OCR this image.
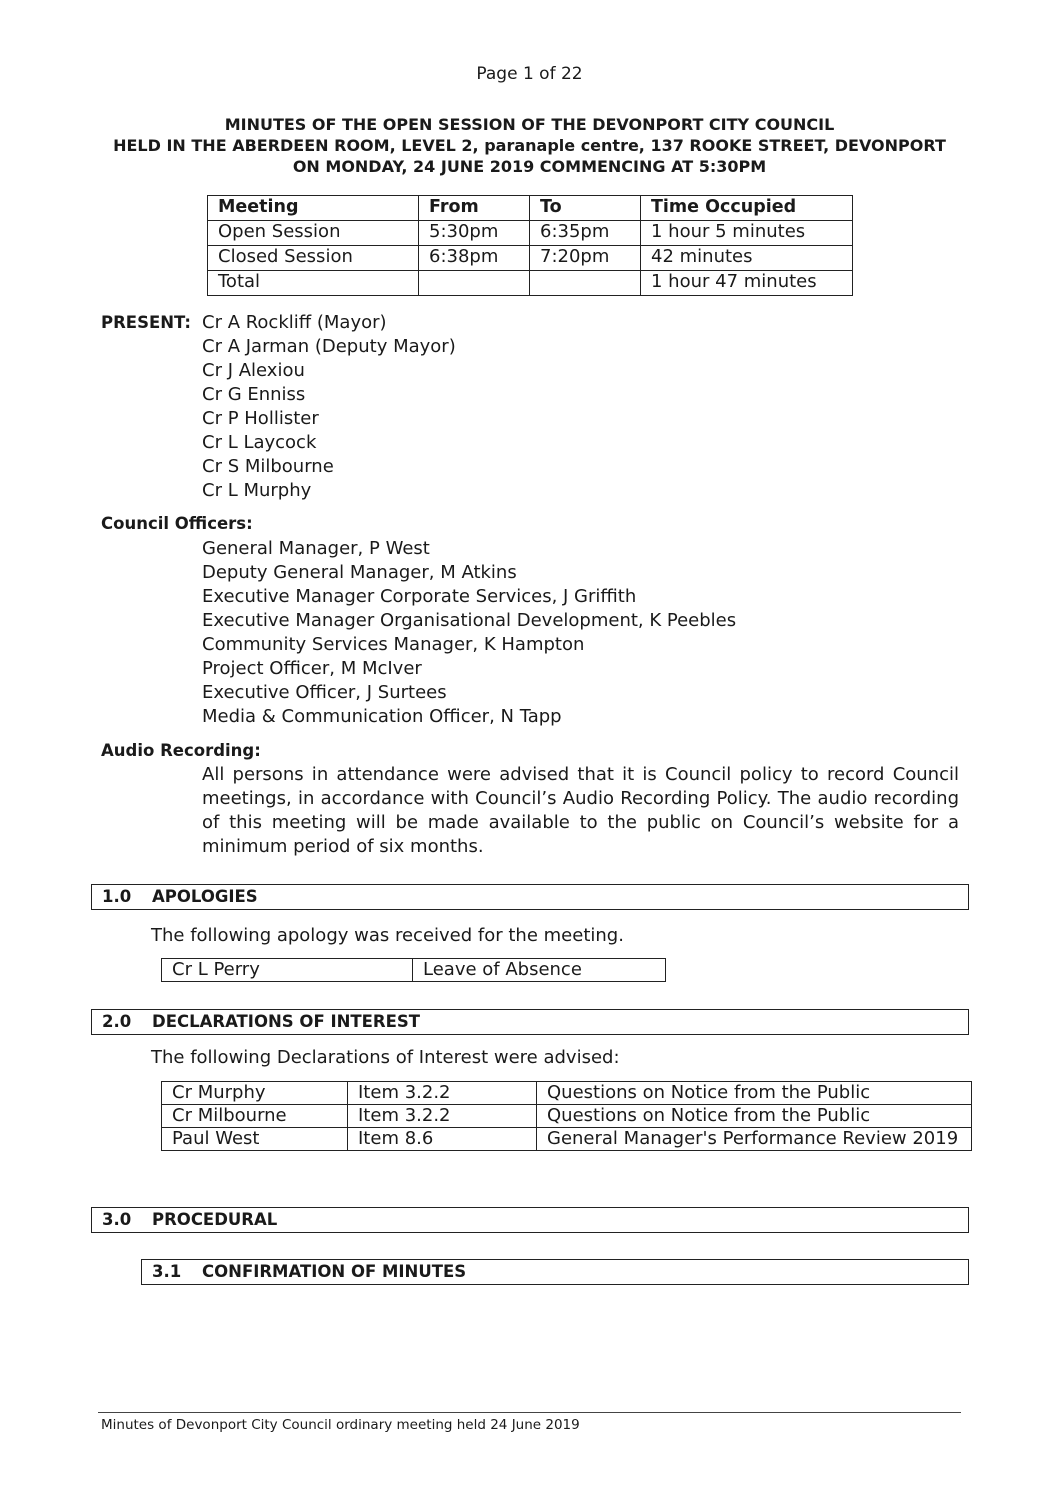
Page 1 of 22
MINUTES OF THE OPEN SESSION OF THE DEVONPORT CITY COUNCIL
HELD IN THE ABERDEEN ROOM, LEVEL 2, paranaple centre, 137 ROOKE STREET, DEVONPORT
ON MONDAY, 24 JUNE 2019 COMMENCING AT 5:30PM
Meeting	From	To	Time Occupied
Open Session	5:30pm	6:35pm	1 hour 5 minutes
Closed Session	6:38pm	7:20pm	42 minutes
Total			1 hour 47 minutes
PRESENT: Cr A Rockliff (Mayor)
Cr A Jarman (Deputy Mayor)
Cr J Alexiou
Cr G Enniss
Cr P Hollister
Cr L Laycock
Cr S Milbourne
Cr L Murphy
Council Officers:
General Manager, P West
Deputy General Manager, M Atkins
Executive Manager Corporate Services, J Griffith
Executive Manager Organisational Development, K Peebles
Community Services Manager, K Hampton
Project Officer, M McIver
Executive Officer, J Surtees
Media & Communication Officer, N Tapp
Audio Recording:
All persons in attendance were advised that it is Council policy to record Council meetings, in accordance with Council’s Audio Recording Policy. The audio recording of this meeting will be made available to the public on Council’s website for a minimum period of six months.
1.0 APOLOGIES
The following apology was received for the meeting.
Cr L Perry	Leave of Absence
2.0 DECLARATIONS OF INTEREST
The following Declarations of Interest were advised:
Cr Murphy	Item 3.2.2	Questions on Notice from the Public
Cr Milbourne	Item 3.2.2	Questions on Notice from the Public
Paul West	Item 8.6	General Manager's Performance Review 2019
3.0 PROCEDURAL
3.1 CONFIRMATION OF MINUTES
Minutes of Devonport City Council ordinary meeting held 24 June 2019
